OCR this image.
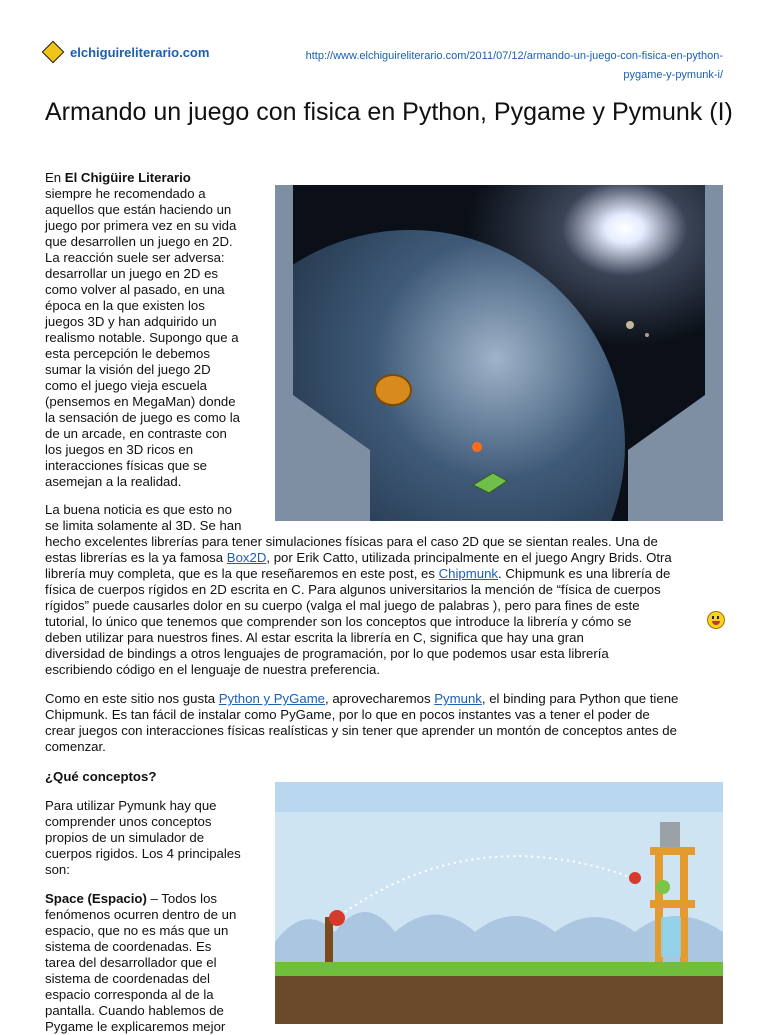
elchiguireliterario.com	http://www.elchiguireliterario.com/2011/07/12/armando-un-juego-con-fisica-en-python-
pygame-y-pymunk-i/
Armando un juego con fisica en Python, Pygame y Pymunk (I)
En El Chigüire Literario
siempre he recomendado a
aquellos que están haciendo un
juego por primera vez en su vida
que desarrollen un juego en 2D.
La reacción suele ser adversa:
desarrollar un juego en 2D es
como volver al pasado, en una
época en la que existen los
juegos 3D y han adquirido un
realismo notable. Supongo que a
esta percepción le debemos
sumar la visión del juego 2D
como el juego vieja escuela
(pensemos en MegaMan) donde
la sensación de juego es como la
de un arcade, en contraste con
los juegos en 3D ricos en
interacciones físicas que se
asemejan a la realidad.
La buena noticia es que esto no
se limita solamente al 3D. Se han
hecho excelentes librerías para tener simulaciones físicas para el caso 2D que se sientan reales. Una de
estas librerías es la ya famosa Box2D, por Erik Catto, utilizada principalmente en el juego Angry Brids. Otra
librería muy completa, que es la que reseñaremos en este post, es Chipmunk. Chipmunk es una librería de
física de cuerpos rígidos en 2D escrita en C. Para algunos universitarios la mención de “física de cuerpos
rígidos” puede causarles dolor en su cuerpo (valga el mal juego de palabras ), pero para fines de este
tutorial, lo único que tenemos que comprender son los conceptos que introduce la librería y cómo se
deben utilizar para nuestros fines. Al estar escrita la librería en C, significa que hay una gran
diversidad de bindings a otros lenguajes de programación, por lo que podemos usar esta librería
escribiendo código en el lenguaje de nuestra preferencia.
Como en este sitio nos gusta Python y PyGame, aprovecharemos Pymunk, el binding para Python que tiene
Chipmunk. Es tan fácil de instalar como PyGame, por lo que en pocos instantes vas a tener el poder de
crear juegos con interacciones físicas realísticas y sin tener que aprender un montón de conceptos antes de
comenzar.
¿Qué conceptos?
Para utilizar Pymunk hay que
comprender unos conceptos
propios de un simulador de
cuerpos rigidos. Los 4 principales
son:
Space (Espacio) – Todos los
fenómenos ocurren dentro de un
espacio, que no es más que un
sistema de coordenadas. Es
tarea del desarrollador que el
sistema de coordenadas del
espacio corresponda al de la
pantalla. Cuando hablemos de
Pygame le explicaremos mejor
